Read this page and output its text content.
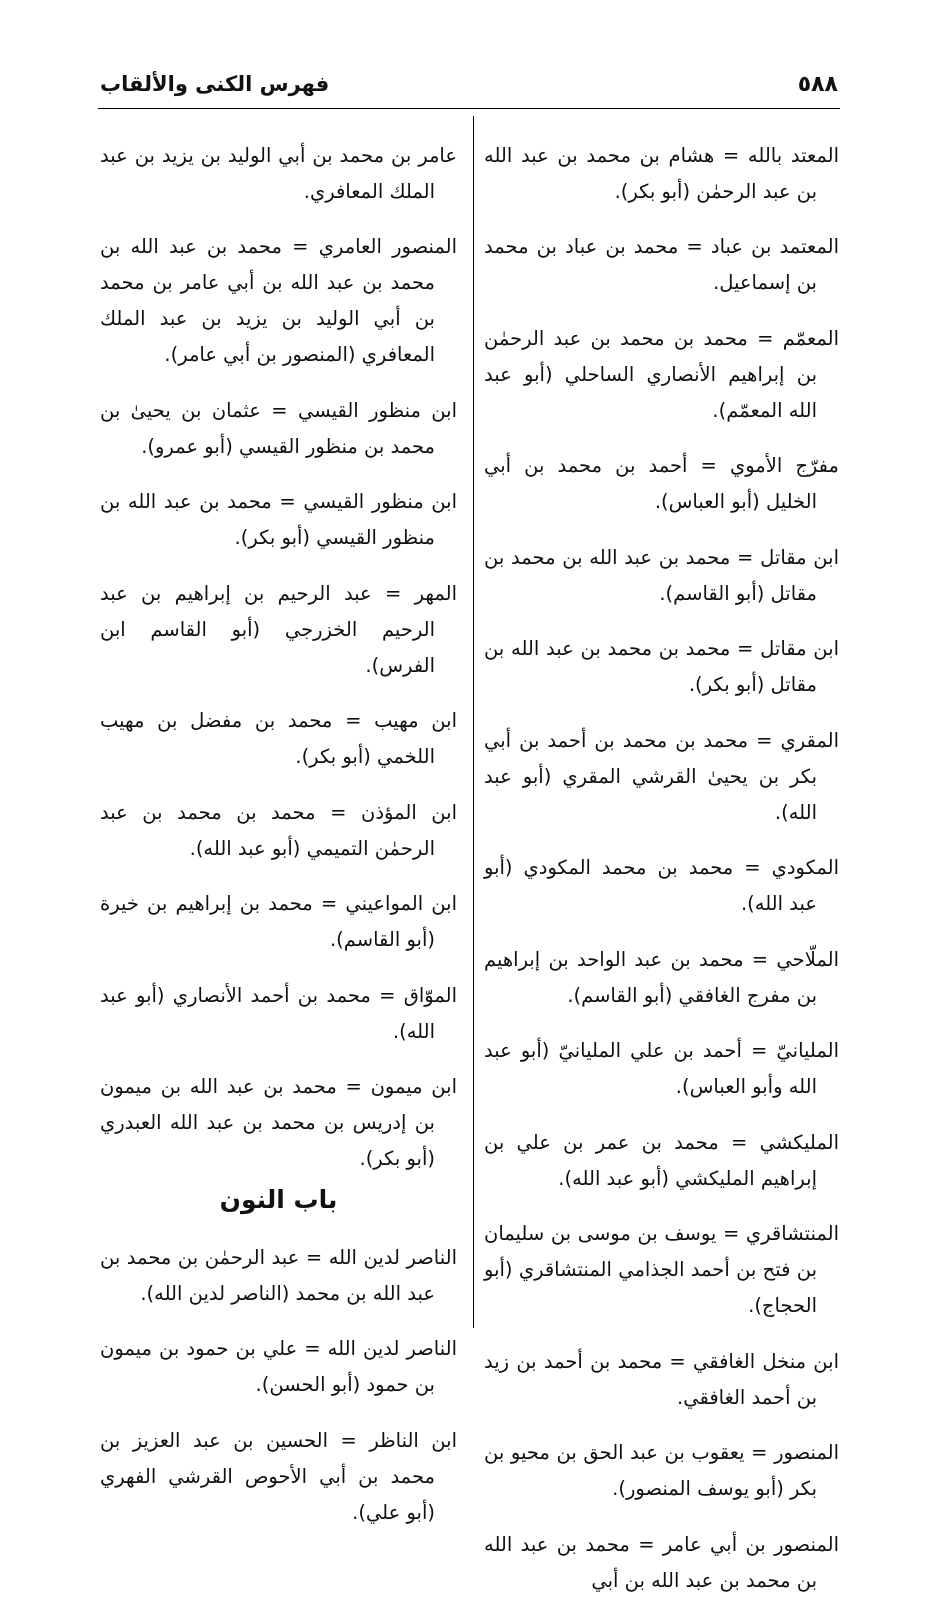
٥٨٨
فهرس الكنى والألقاب

المعتد بالله = هشام بن محمد بن عبد الله بن عبد الرحمٰن (أبو بكر).

المعتمد بن عباد = محمد بن عباد بن محمد بن إسماعيل.

المعمّم = محمد بن محمد بن عبد الرحمٰن بن إبراهيم الأنصاري الساحلي (أبو عبد الله المعمّم).

مفرّج الأموي = أحمد بن محمد بن أبي الخليل (أبو العباس).

ابن مقاتل = محمد بن عبد الله بن محمد بن مقاتل (أبو القاسم).

ابن مقاتل = محمد بن محمد بن عبد الله بن مقاتل (أبو بكر).

المقري = محمد بن محمد بن أحمد بن أبي بكر بن يحيىٰ القرشي المقري (أبو عبد الله).

المكودي = محمد بن محمد المكودي (أبو عبد الله).

الملّاحي = محمد بن عبد الواحد بن إبراهيم بن مفرج الغافقي (أبو القاسم).

المليانيّ = أحمد بن علي المليانيّ (أبو عبد الله وأبو العباس).

المليكشي = محمد بن عمر بن علي بن إبراهيم المليكشي (أبو عبد الله).

المنتشاقري = يوسف بن موسى بن سليمان بن فتح بن أحمد الجذامي المنتشاقري (أبو الحجاج).

ابن منخل الغافقي = محمد بن أحمد بن زيد بن أحمد الغافقي.

المنصور = يعقوب بن عبد الحق بن محيو بن بكر (أبو يوسف المنصور).

المنصور بن أبي عامر = محمد بن عبد الله بن محمد بن عبد الله بن أبي

عامر بن محمد بن أبي الوليد بن يزيد بن عبد الملك المعافري.

المنصور العامري = محمد بن عبد الله بن محمد بن عبد الله بن أبي عامر بن محمد بن أبي الوليد بن يزيد بن عبد الملك المعافري (المنصور بن أبي عامر).

ابن منظور القيسي = عثمان بن يحيىٰ بن محمد بن منظور القيسي (أبو عمرو).

ابن منظور القيسي = محمد بن عبد الله بن منظور القيسي (أبو بكر).

المهر = عبد الرحيم بن إبراهيم بن عبد الرحيم الخزرجي (أبو القاسم ابن الفرس).

ابن مهيب = محمد بن مفضل بن مهيب اللخمي (أبو بكر).

ابن المؤذن = محمد بن محمد بن عبد الرحمٰن التميمي (أبو عبد الله).

ابن المواعيني = محمد بن إبراهيم بن خيرة (أبو القاسم).

الموّاق = محمد بن أحمد الأنصاري (أبو عبد الله).

ابن ميمون = محمد بن عبد الله بن ميمون بن إدريس بن محمد بن عبد الله العبدري (أبو بكر).

باب النون

الناصر لدين الله = عبد الرحمٰن بن محمد بن عبد الله بن محمد (الناصر لدين الله).

الناصر لدين الله = علي بن حمود بن ميمون بن حمود (أبو الحسن).

ابن الناظر = الحسين بن عبد العزيز بن محمد بن أبي الأحوص القرشي الفهري (أبو علي).
